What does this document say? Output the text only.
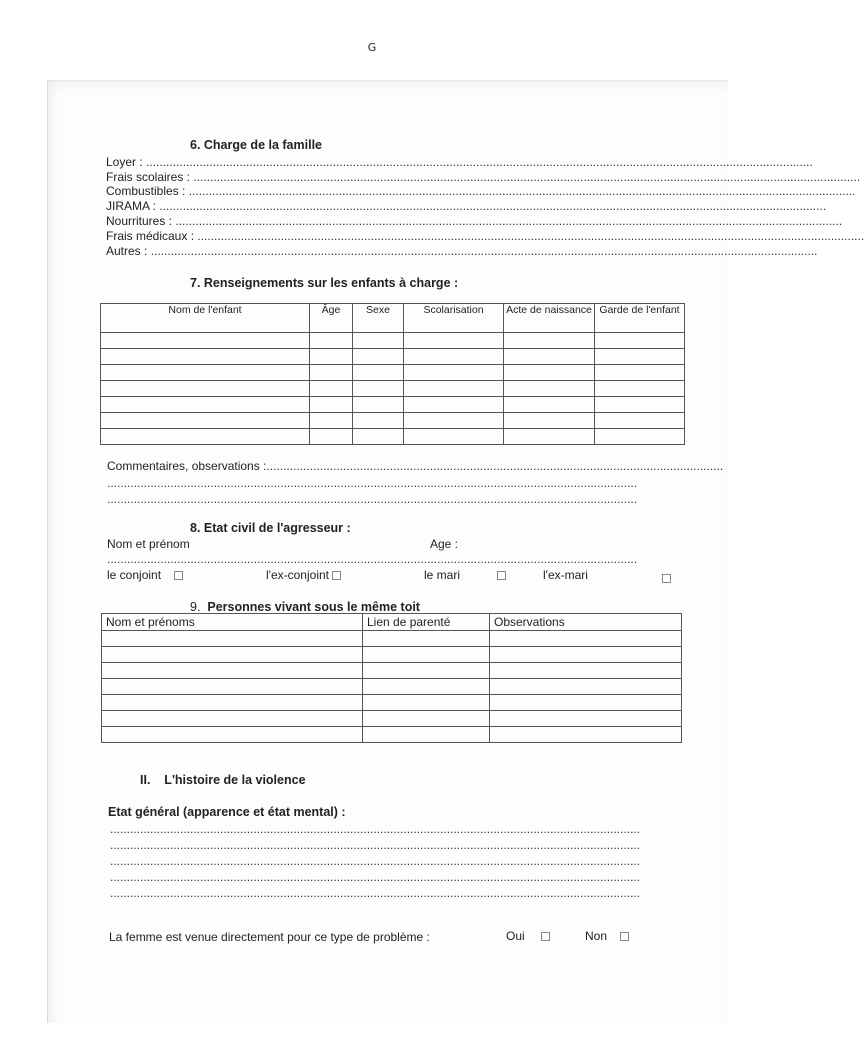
G
6. Charge de la famille
Loyer : ........................................................................................................................................................................................................
Frais scolaires : ........................................................................................................................................................................................................
Combustibles : ........................................................................................................................................................................................................
JIRAMA : ........................................................................................................................................................................................................
Nourritures : ........................................................................................................................................................................................................
Frais médicaux : ........................................................................................................................................................................................................
Autres : ........................................................................................................................................................................................................
7. Renseignements sur les enfants à charge :
Nom de l'enfant	Âge	Sexe	Scolarisation	Acte de naissance	Garde de l'enfant

Commentaires, observations :.........................................................................................................................................
...............................................................................................................................................................
...............................................................................................................................................................
8. Etat civil de l'agresseur :
Nom et prénom	Age :
...............................................................................................................................................................
le conjoint	l'ex-conjoint	le mari	l'ex-mari
9. Personnes vivant sous le même toit
Nom et prénoms	Lien de parenté	Observations

II.    L'histoire de la violence
Etat général (apparence et état mental) :
...............................................................................................................................................................
...............................................................................................................................................................
...............................................................................................................................................................
...............................................................................................................................................................
...............................................................................................................................................................
La femme est venue directement pour ce type de problème :	Oui	Non
